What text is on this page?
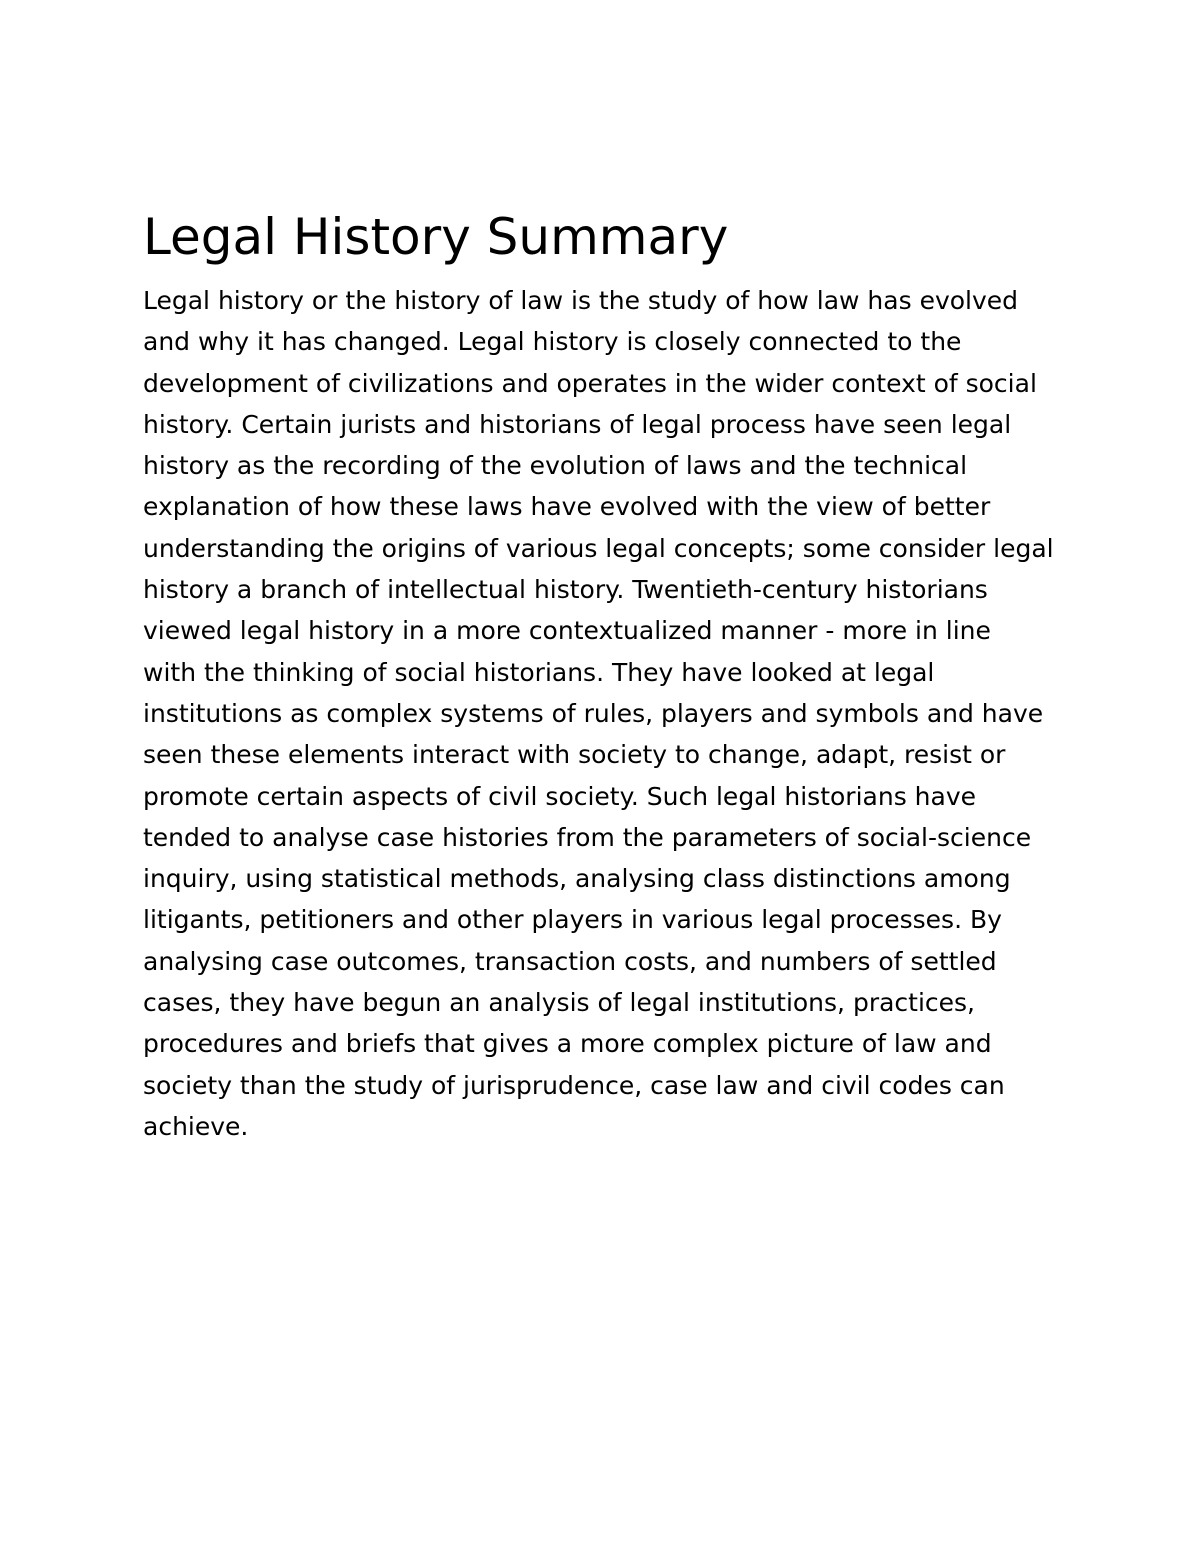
Legal History Summary
Legal history or the history of law is the study of how law has evolved
and why it has changed. Legal history is closely connected to the
development of civilizations and operates in the wider context of social
history. Certain jurists and historians of legal process have seen legal
history as the recording of the evolution of laws and the technical
explanation of how these laws have evolved with the view of better
understanding the origins of various legal concepts; some consider legal
history a branch of intellectual history. Twentieth-century historians
viewed legal history in a more contextualized manner - more in line
with the thinking of social historians. They have looked at legal
institutions as complex systems of rules, players and symbols and have
seen these elements interact with society to change, adapt, resist or
promote certain aspects of civil society. Such legal historians have
tended to analyse case histories from the parameters of social-science
inquiry, using statistical methods, analysing class distinctions among
litigants, petitioners and other players in various legal processes. By
analysing case outcomes, transaction costs, and numbers of settled
cases, they have begun an analysis of legal institutions, practices,
procedures and briefs that gives a more complex picture of law and
society than the study of jurisprudence, case law and civil codes can
achieve.
